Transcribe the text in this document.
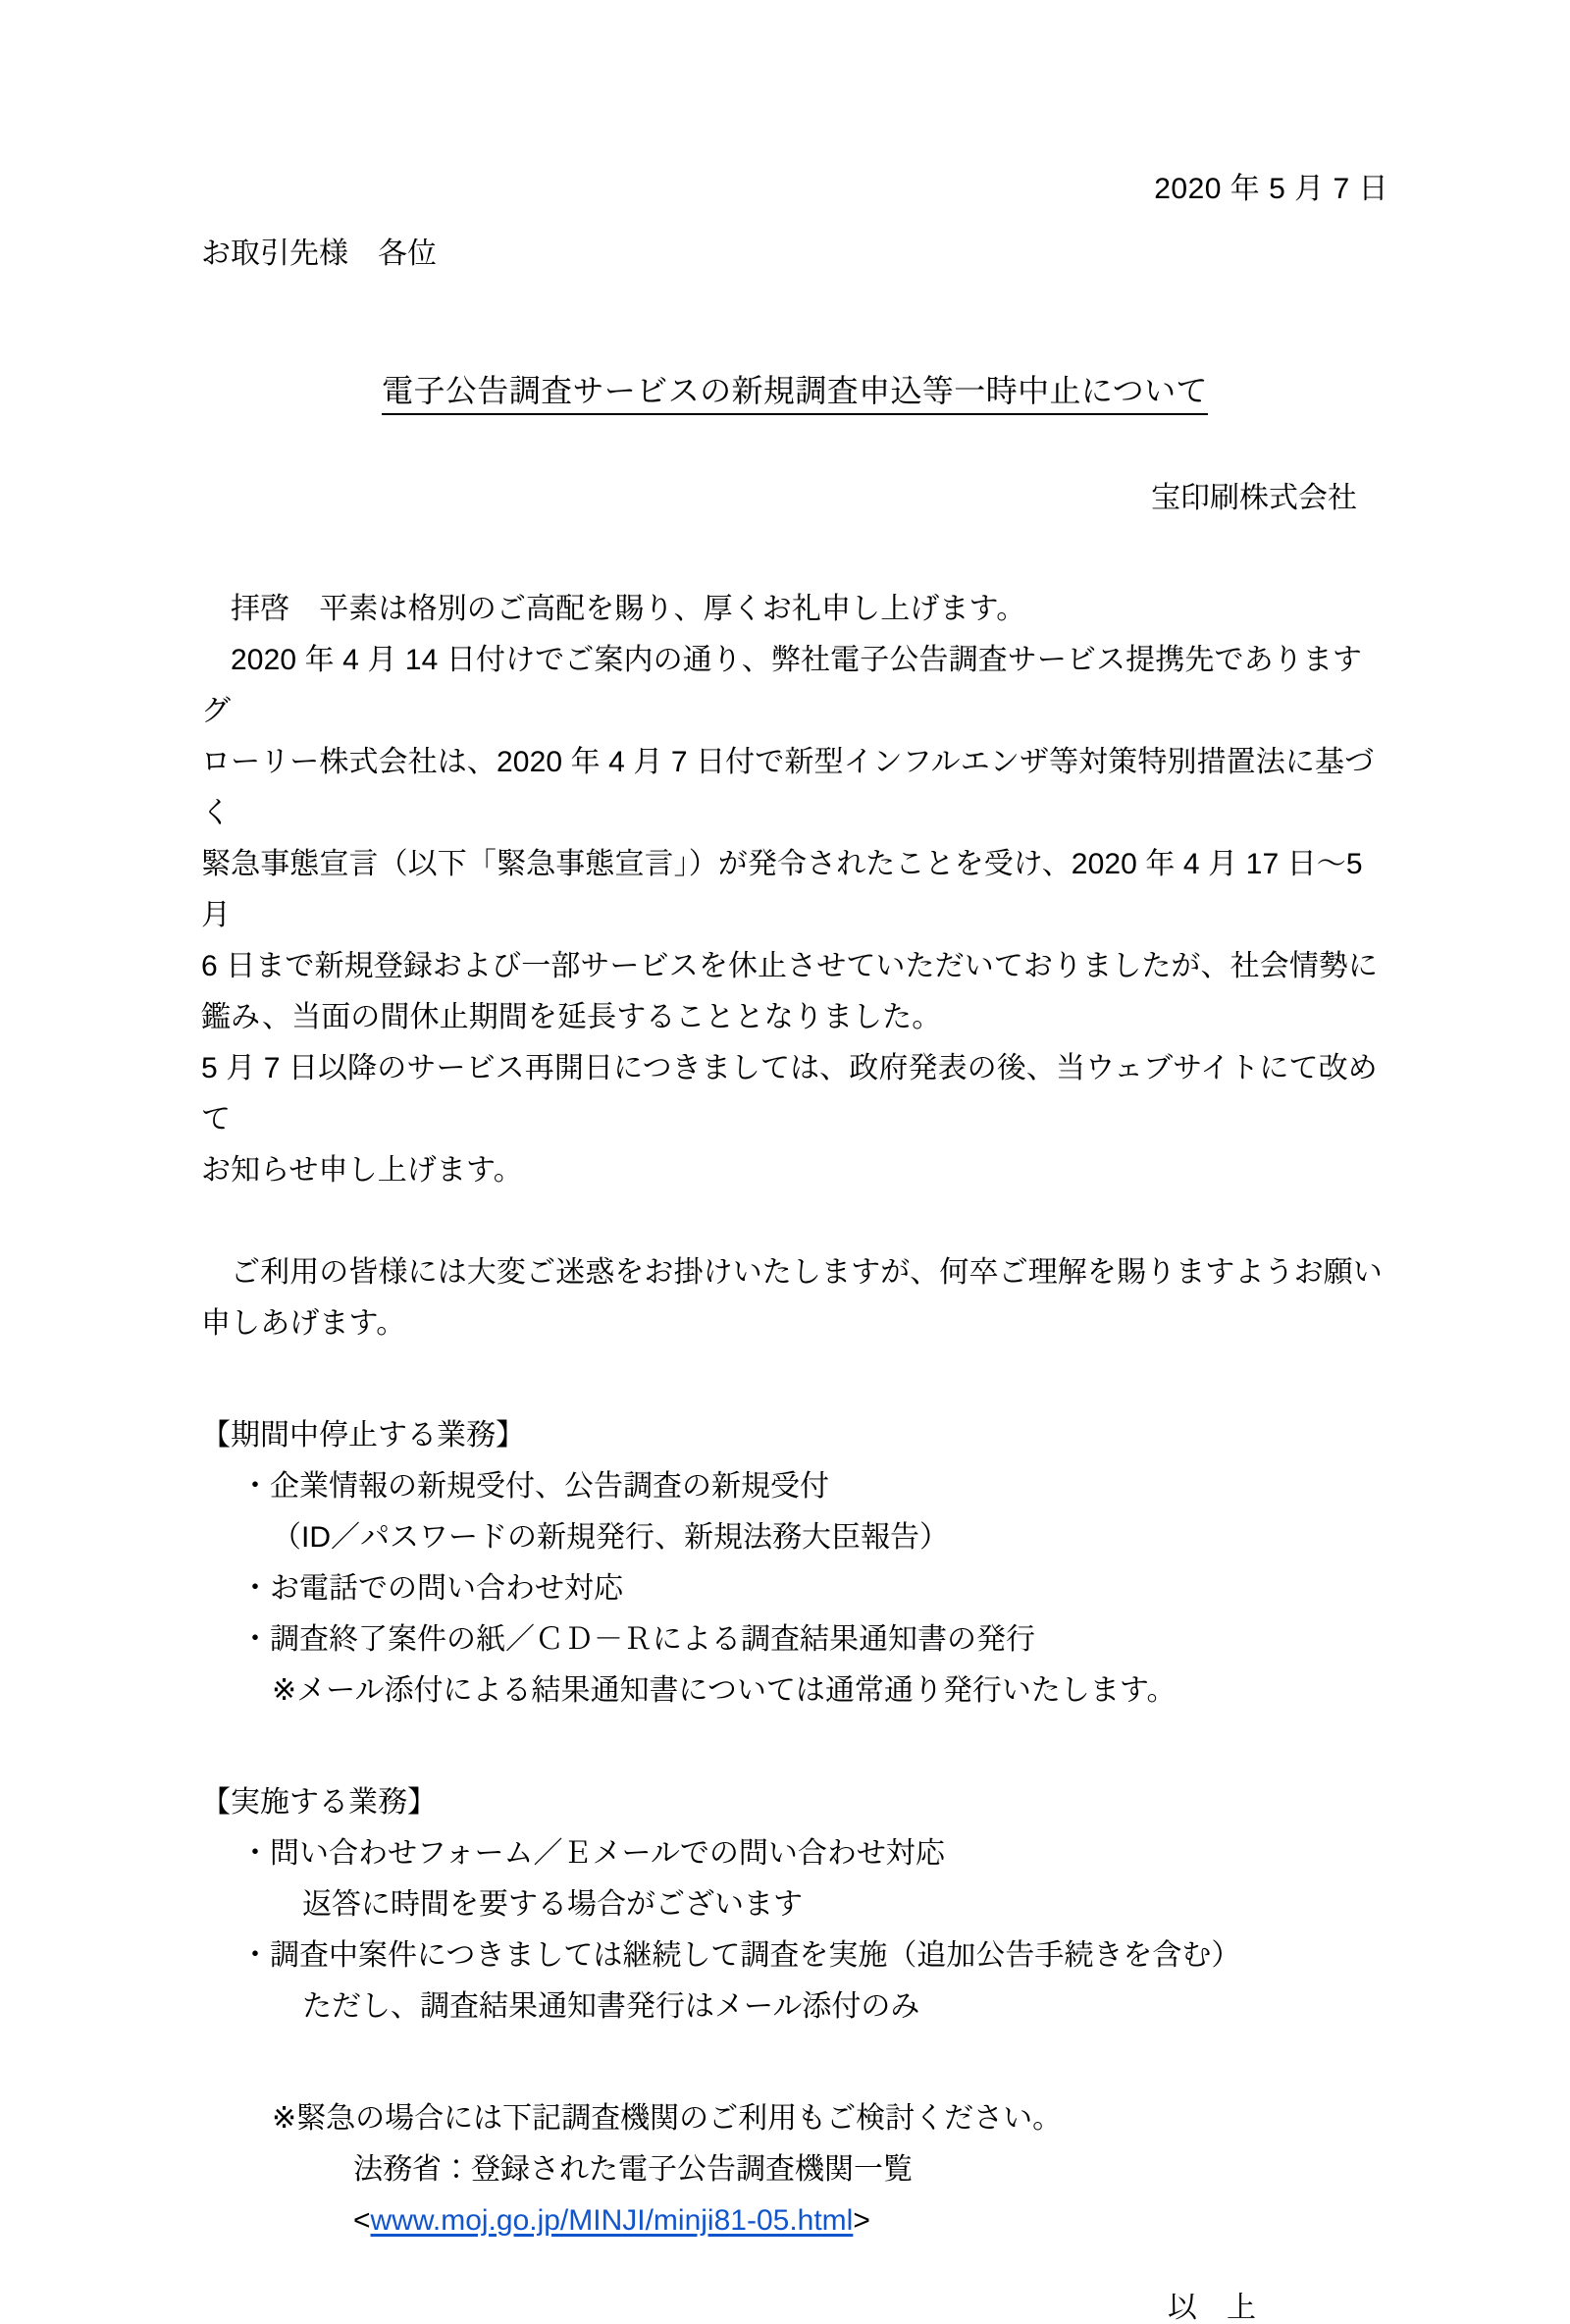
2020 年 5 月 7 日
お取引先様　各位
電子公告調査サービスの新規調査申込等一時中止について
宝印刷株式会社
拝啓　平素は格別のご高配を賜り、厚くお礼申し上げます。
2020 年 4 月 14 日付けでご案内の通り、弊社電子公告調査サービス提携先でありますグ
ローリー株式会社は、2020 年 4 月 7 日付で新型インフルエンザ等対策特別措置法に基づく
緊急事態宣言（以下「緊急事態宣言」）が発令されたことを受け、2020 年 4 月 17 日～5 月
6 日まで新規登録および一部サービスを休止させていただいておりましたが、社会情勢に
鑑み、当面の間休止期間を延長することとなりました。
5 月 7 日以降のサービス再開日につきましては、政府発表の後、当ウェブサイトにて改めて
お知らせ申し上げます。
ご利用の皆様には大変ご迷惑をお掛けいたしますが、何卒ご理解を賜りますようお願い
申しあげます。
【期間中停止する業務】
・企業情報の新規受付、公告調査の新規受付
（ID／パスワードの新規発行、新規法務大臣報告）
・お電話での問い合わせ対応
・調査終了案件の紙／ＣＤ－Ｒによる調査結果通知書の発行
※メール添付による結果通知書については通常通り発行いたします。
【実施する業務】
・問い合わせフォーム／Ｅメールでの問い合わせ対応
返答に時間を要する場合がございます
・調査中案件につきましては継続して調査を実施（追加公告手続きを含む）
ただし、調査結果通知書発行はメール添付のみ
※緊急の場合には下記調査機関のご利用もご検討ください。
法務省：登録された電子公告調査機関一覧
<www.moj.go.jp/MINJI/minji81-05.html>
以　上
